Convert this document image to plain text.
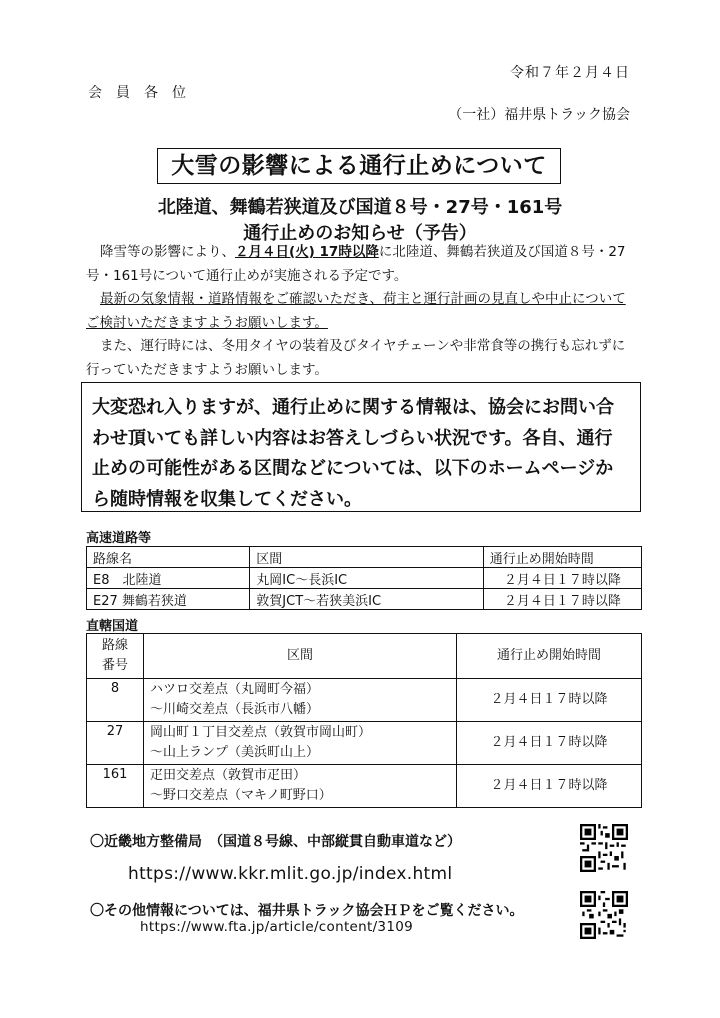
令和７年２月４日
会員各位
（一社）福井県トラック協会
大雪の影響による通行止めについて
北陸道、舞鶴若狭道及び国道８号・27号・161号
通行止めのお知らせ（予告）
降雪等の影響により、２月４日(火) 17時以降に北陸道、舞鶴若狭道及び国道８号・27号・161号について通行止めが実施される予定です。
最新の気象情報・道路情報をご確認いただき、荷主と運行計画の見直しや中止についてご検討いただきますようお願いします。
また、運行時には、冬用タイヤの装着及びタイヤチェーンや非常食等の携行も忘れずに行っていただきますようお願いします。
大変恐れ入りますが、通行止めに関する情報は、協会にお問い合わせ頂いても詳しい内容はお答えしづらい状況です。各自、通行止めの可能性がある区間などについては、以下のホームページから随時情報を収集してください。
高速道路等
路線名	区間	通行止め開始時間
E8　北陸道	丸岡IC～長浜IC	２月４日１７時以降
E27 舞鶴若狭道	敦賀JCT～若狭美浜IC	２月４日１７時以降
直轄国道
路線
番号	区間	通行止め開始時間
8	ハツロ交差点（丸岡町今福）
～川崎交差点（長浜市八幡）	２月４日１７時以降
27	岡山町１丁目交差点（敦賀市岡山町）
～山上ランプ（美浜町山上）	２月４日１７時以降
161	疋田交差点（敦賀市疋田）
～野口交差点（マキノ町野口）	２月４日１７時以降
〇近畿地方整備局　（国道８号線、中部縦貫自動車道など）
https://www.kkr.mlit.go.jp/index.html
〇その他情報については、福井県トラック協会ＨＰをご覧ください。
https://www.fta.jp/article/content/3109
